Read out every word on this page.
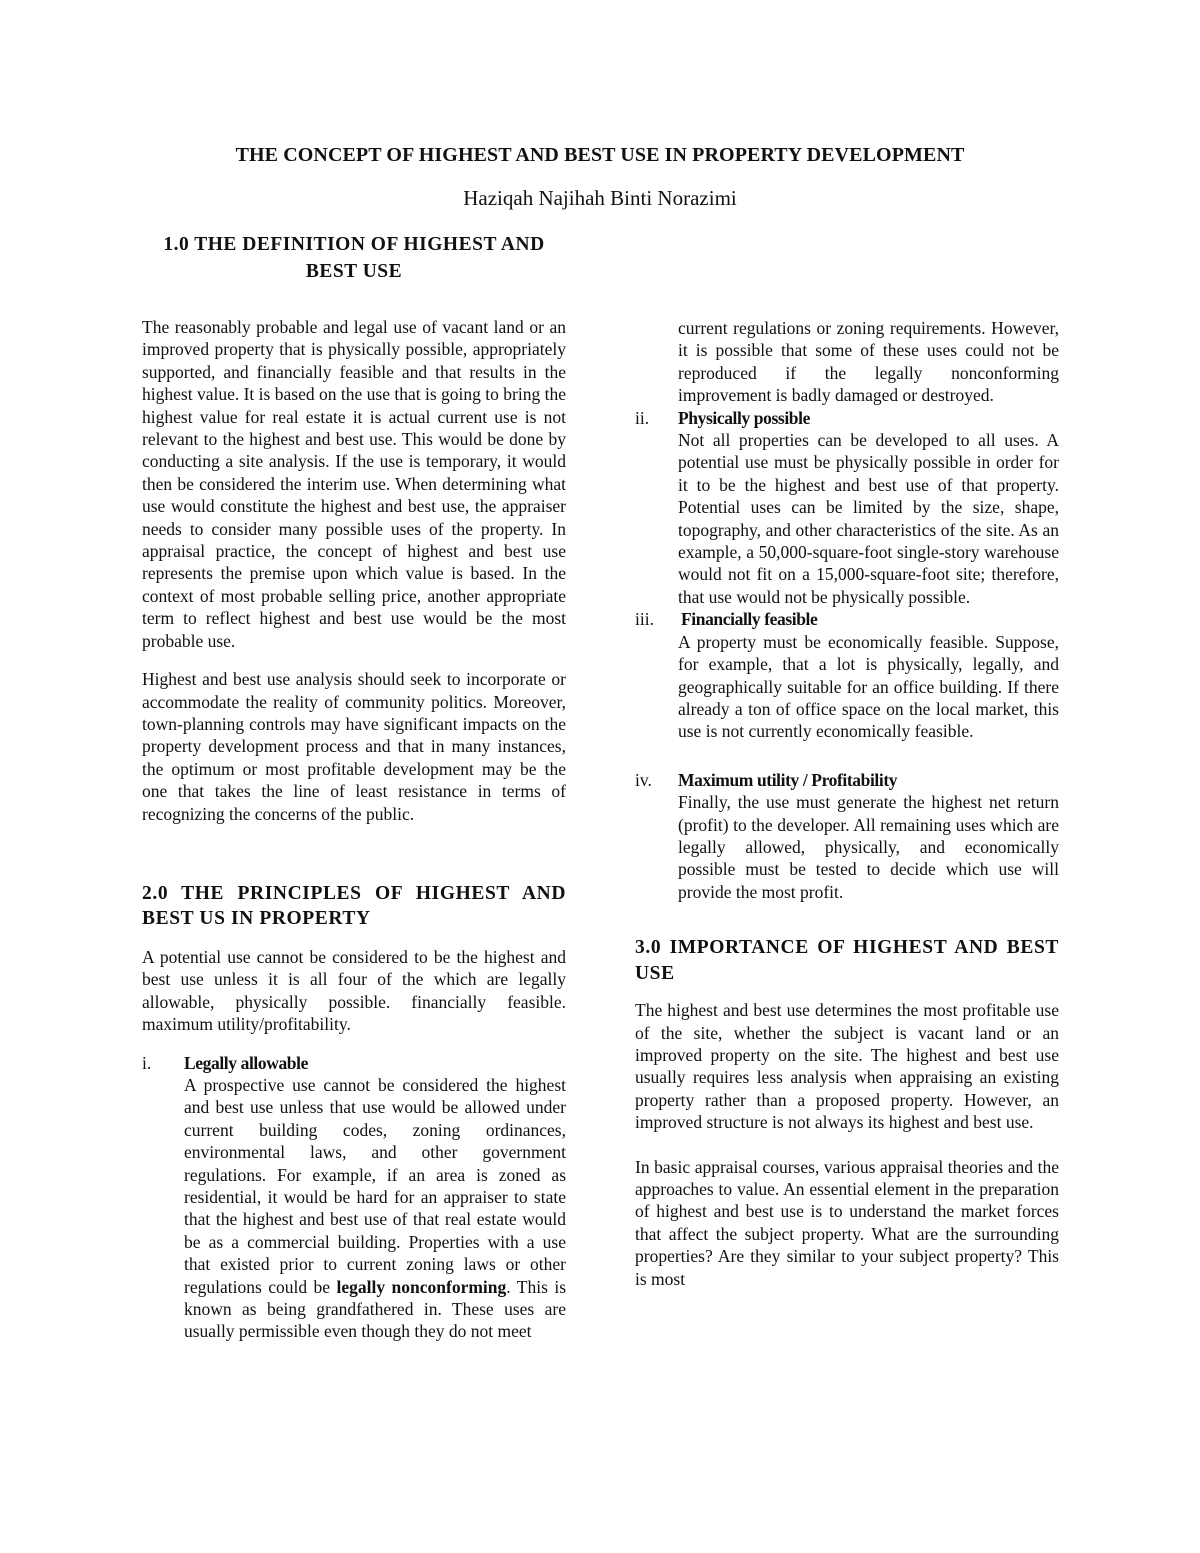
THE CONCEPT OF HIGHEST AND BEST USE IN PROPERTY DEVELOPMENT
Haziqah Najihah Binti Norazimi
1.0 THE DEFINITION OF HIGHEST AND
BEST USE

The reasonably probable and legal use of vacant land or an improved property that is physically possible, appropriately supported, and financially feasible and that results in the highest value. It is based on the use that is going to bring the highest value for real estate it is actual current use is not relevant to the highest and best use. This would be done by conducting a site analysis. If the use is temporary, it would then be considered the interim use. When determining what use would constitute the highest and best use, the appraiser needs to consider many possible uses of the property. In appraisal practice, the concept of highest and best use represents the premise upon which value is based. In the context of most probable selling price, another appropriate term to reflect highest and best use would be the most probable use.

Highest and best use analysis should seek to incorporate or accommodate the reality of community politics. Moreover, town-planning controls may have significant impacts on the property development process and that in many instances, the optimum or most profitable development may be the one that takes the line of least resistance in terms of recognizing the concerns of the public.

2.0 THE PRINCIPLES OF HIGHEST AND BEST US IN PROPERTY

A potential use cannot be considered to be the highest and best use unless it is all four of the which are legally allowable, physically possible. financially feasible. maximum utility/profitability.

i. Legally allowable

A prospective use cannot be considered the highest and best use unless that use would be allowed under current building codes, zoning ordinances, environmental laws, and other government regulations. For example, if an area is zoned as residential, it would be hard for an appraiser to state that the highest and best use of that real estate would be as a commercial building. Properties with a use that existed prior to current zoning laws or other regulations could be legally nonconforming. This is known as being grandfathered in. These uses are usually permissible even though they do not meet

current regulations or zoning requirements. However, it is possible that some of these uses could not be reproduced if the legally nonconforming improvement is badly damaged or destroyed.

ii. Physically possible

Not all properties can be developed to all uses. A potential use must be physically possible in order for it to be the highest and best use of that property. Potential uses can be limited by the size, shape, topography, and other characteristics of the site. As an example, a 50,000-square-foot single-story warehouse would not fit on a 15,000-square-foot site; therefore, that use would not be physically possible.

iii. Financially feasible

A property must be economically feasible. Suppose, for example, that a lot is physically, legally, and geographically suitable for an office building. If there already a ton of office space on the local market, this use is not currently economically feasible.

iv. Maximum utility / Profitability

Finally, the use must generate the highest net return (profit) to the developer. All remaining uses which are legally allowed, physically, and economically possible must be tested to decide which use will provide the most profit.

3.0 IMPORTANCE OF HIGHEST AND BEST USE

The highest and best use determines the most profitable use of the site, whether the subject is vacant land or an improved property on the site. The highest and best use usually requires less analysis when appraising an existing property rather than a proposed property. However, an improved structure is not always its highest and best use.

In basic appraisal courses, various appraisal theories and the approaches to value. An essential element in the preparation of highest and best use is to understand the market forces that affect the subject property. What are the surrounding properties? Are they similar to your subject property? This is most
